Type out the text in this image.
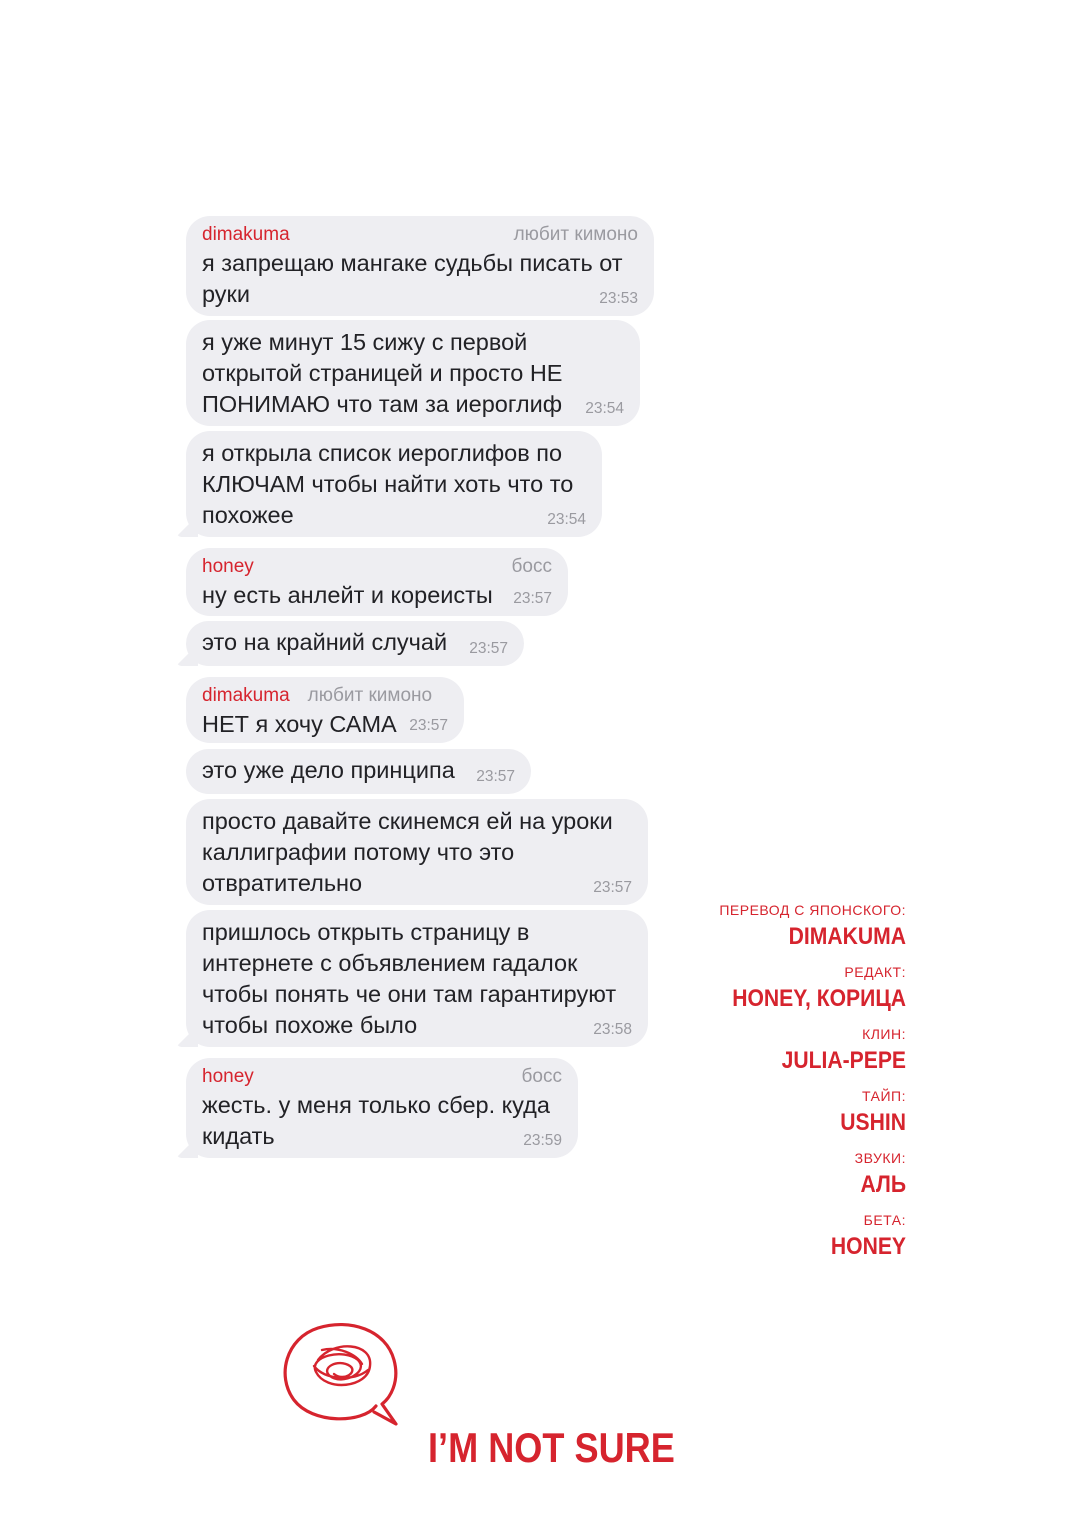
dimakuma	любит кимоно
я запрещаю мангаке судьбы писать от
руки	23:53
я уже минут 15 сижу с первой
открытой страницей и просто НЕ
ПОНИМАЮ что там за иероглиф	23:54
я открыла список иероглифов по
КЛЮЧАМ чтобы найти хоть что то
похожее	23:54
honey	босс
ну есть анлейт и кореисты	23:57
это на крайний случай	23:57
dimakuma любит кимоно
НЕТ я хочу САМА 23:57
это уже дело принципа	23:57
просто давайте скинемся ей на уроки
каллиграфии потому что это
отвратительно	23:57
пришлось открыть страницу в
интернете с объявлением гадалок
чтобы понять че они там гарантируют
чтобы похоже было	23:58
honey	босс
жесть. у меня только сбер. куда
кидать	23:59
ПЕРЕВОД С ЯПОНСКОГО:
DIMAKUMA
РЕДАКТ:
HONEY, КОРИЦА
КЛИН:
JULIA-PEPE
ТАЙП:
USHIN
ЗВУКИ:
АЛЬ
БЕТА:
HONEY
I’M NOT SURE
